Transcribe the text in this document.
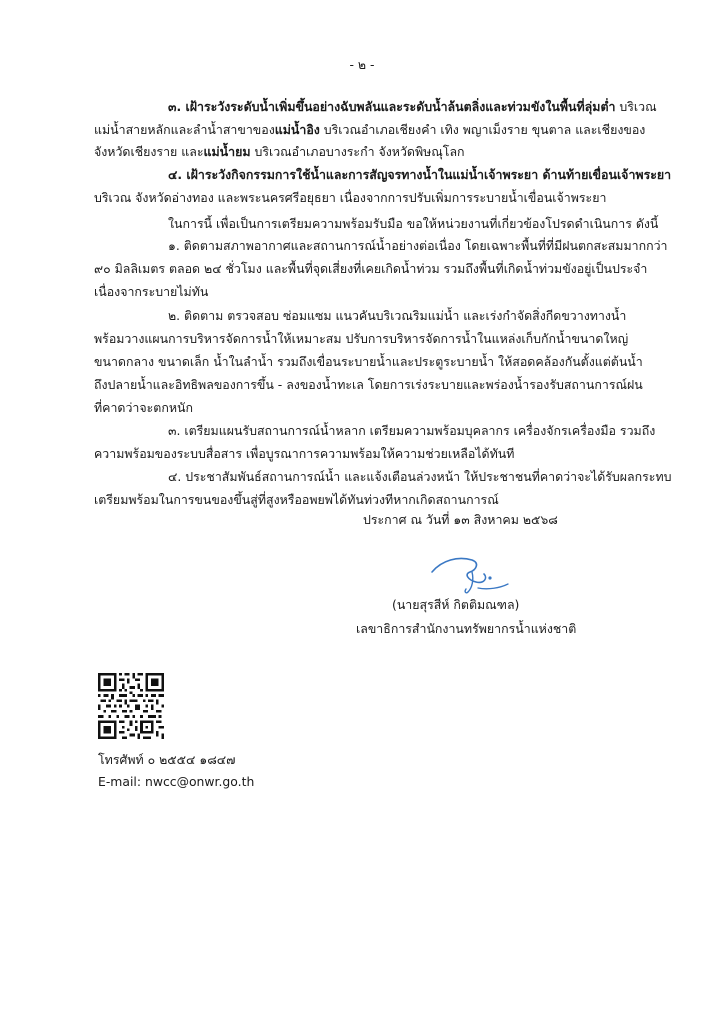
- ๒ -
๓. เฝ้าระวังระดับน้ำเพิ่มขึ้นอย่างฉับพลันและระดับน้ำล้นตลิ่งและท่วมขังในพื้นที่ลุ่มต่ำ บริเวณ
แม่น้ำสายหลักและลำน้ำสาขาของแม่น้ำอิง บริเวณอำเภอเชียงคำ เทิง พญาเม็งราย ขุนตาล และเชียงของ
จังหวัดเชียงราย และแม่น้ำยม บริเวณอำเภอบางระกำ จังหวัดพิษณุโลก
๔. เฝ้าระวังกิจกรรมการใช้น้ำและการสัญจรทางน้ำในแม่น้ำเจ้าพระยา ด้านท้ายเขื่อนเจ้าพระยา
บริเวณ จังหวัดอ่างทอง และพระนครศรีอยุธยา เนื่องจากการปรับเพิ่มการระบายน้ำเขื่อนเจ้าพระยา
ในการนี้ เพื่อเป็นการเตรียมความพร้อมรับมือ ขอให้หน่วยงานที่เกี่ยวข้องโปรดดำเนินการ ดังนี้
๑. ติดตามสภาพอากาศและสถานการณ์น้ำอย่างต่อเนื่อง โดยเฉพาะพื้นที่ที่มีฝนตกสะสมมากกว่า
๙๐ มิลลิเมตร ตลอด ๒๔ ชั่วโมง และพื้นที่จุดเสี่ยงที่เคยเกิดน้ำท่วม รวมถึงพื้นที่เกิดน้ำท่วมขังอยู่เป็นประจำ
เนื่องจากระบายไม่ทัน
๒. ติดตาม ตรวจสอบ ซ่อมแซม แนวคันบริเวณริมแม่น้ำ และเร่งกำจัดสิ่งกีดขวางทางน้ำ
พร้อมวางแผนการบริหารจัดการน้ำให้เหมาะสม ปรับการบริหารจัดการน้ำในแหล่งเก็บกักน้ำขนาดใหญ่
ขนาดกลาง ขนาดเล็ก น้ำในลำน้ำ รวมถึงเขื่อนระบายน้ำและประตูระบายน้ำ ให้สอดคล้องกันตั้งแต่ต้นน้ำ
ถึงปลายน้ำและอิทธิพลของการขึ้น - ลงของน้ำทะเล โดยการเร่งระบายและพร่องน้ำรองรับสถานการณ์ฝน
ที่คาดว่าจะตกหนัก
๓. เตรียมแผนรับสถานการณ์น้ำหลาก เตรียมความพร้อมบุคลากร เครื่องจักรเครื่องมือ รวมถึง
ความพร้อมของระบบสื่อสาร เพื่อบูรณาการความพร้อมให้ความช่วยเหลือได้ทันที
๔. ประชาสัมพันธ์สถานการณ์น้ำ และแจ้งเตือนล่วงหน้า ให้ประชาชนที่คาดว่าจะได้รับผลกระทบ
เตรียมพร้อมในการขนของขึ้นสู่ที่สูงหรืออพยพได้ทันท่วงทีหากเกิดสถานการณ์
ประกาศ ณ วันที่ ๑๓ สิงหาคม ๒๕๖๘
(นายสุรสีห์ กิตติมณฑล)
เลขาธิการสำนักงานทรัพยากรน้ำแห่งชาติ
โทรศัพท์ ๐ ๒๕๕๔ ๑๘๔๗
E-mail: nwcc@onwr.go.th
